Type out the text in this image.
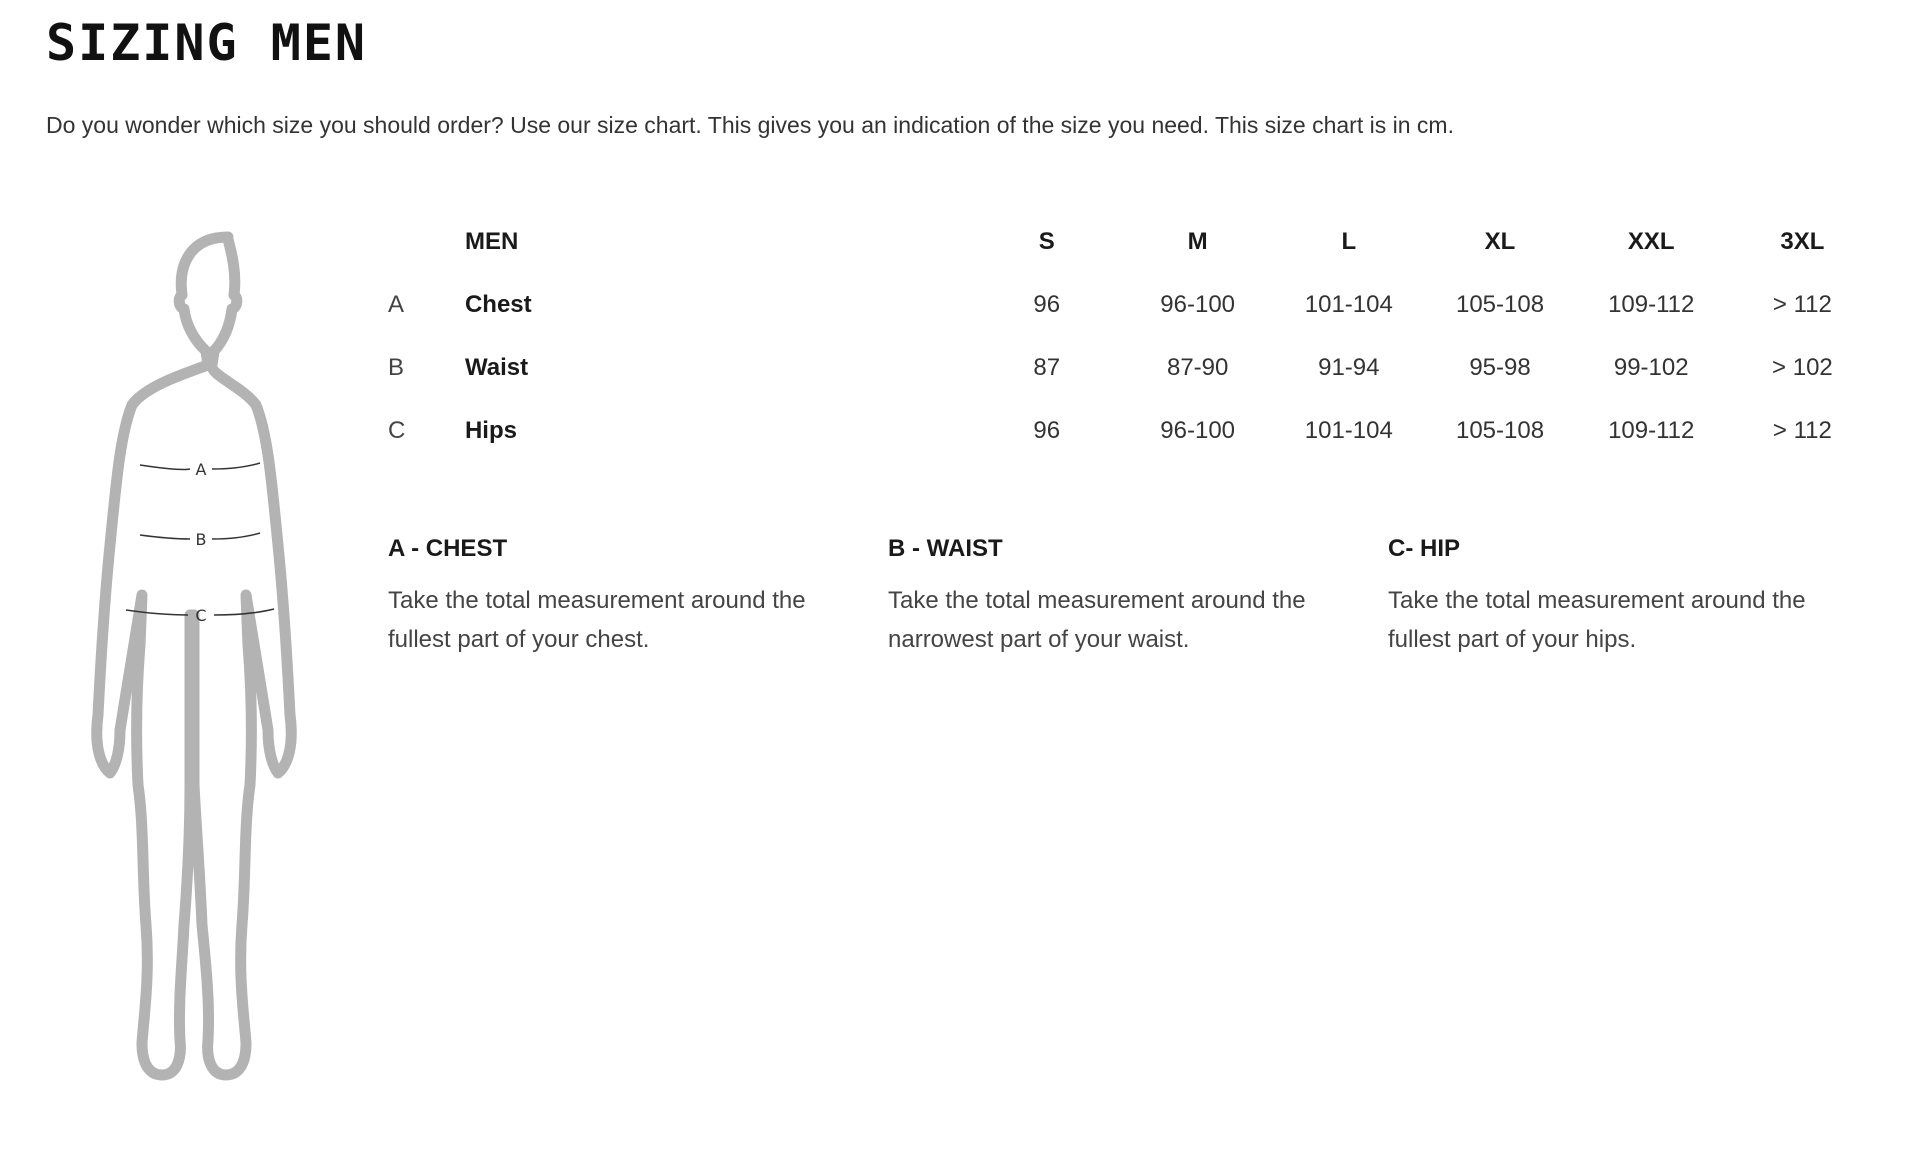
SIZING MEN

Do you wonder which size you should order? Use our size chart. This gives you an indication of the size you need. This size chart is in cm.

A
B
C
	MEN	S	M	L	XL	XXL	3XL
A	Chest	96	96-100	101-104	105-108	109-112	> 112
B	Waist	87	87-90	91-94	95-98	99-102	> 102
C	Hips	96	96-100	101-104	105-108	109-112	> 112
A - CHEST

Take the total measurement around the fullest part of your chest.

B - WAIST

Take the total measurement around the narrowest part of your waist.

C- HIP

Take the total measurement around the fullest part of your hips.
